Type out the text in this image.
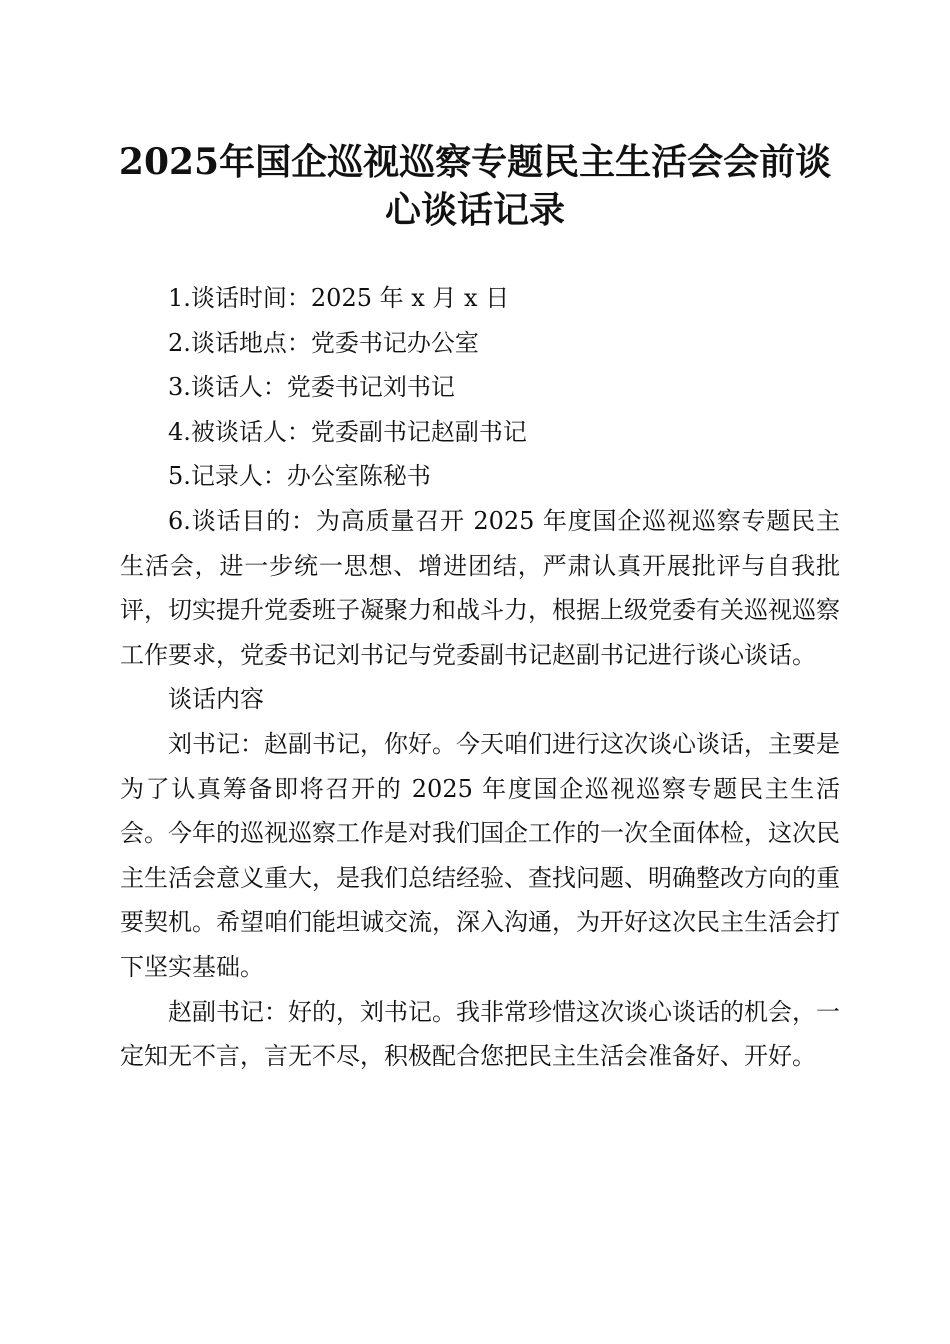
2025年国企巡视巡察专题民主生活会会前谈
心谈话记录

1.谈话时间：2025 年 x 月 x 日

2.谈话地点：党委书记办公室

3.谈话人：党委书记刘书记

4.被谈话人：党委副书记赵副书记

5.记录人：办公室陈秘书

6.谈话目的：为高质量召开 2025 年度国企巡视巡察专题民主生活会，进一步统一思想、增进团结，严肃认真开展批评与自我批评，切实提升党委班子凝聚力和战斗力，根据上级党委有关巡视巡察工作要求，党委书记刘书记与党委副书记赵副书记进行谈心谈话。

谈话内容

刘书记：赵副书记，你好。今天咱们进行这次谈心谈话，主要是为了认真筹备即将召开的 2025 年度国企巡视巡察专题民主生活会。今年的巡视巡察工作是对我们国企工作的一次全面体检，这次民主生活会意义重大，是我们总结经验、查找问题、明确整改方向的重要契机。希望咱们能坦诚交流，深入沟通，为开好这次民主生活会打下坚实基础。

赵副书记：好的，刘书记。我非常珍惜这次谈心谈话的机会，一定知无不言，言无不尽，积极配合您把民主生活会准备好、开好。
